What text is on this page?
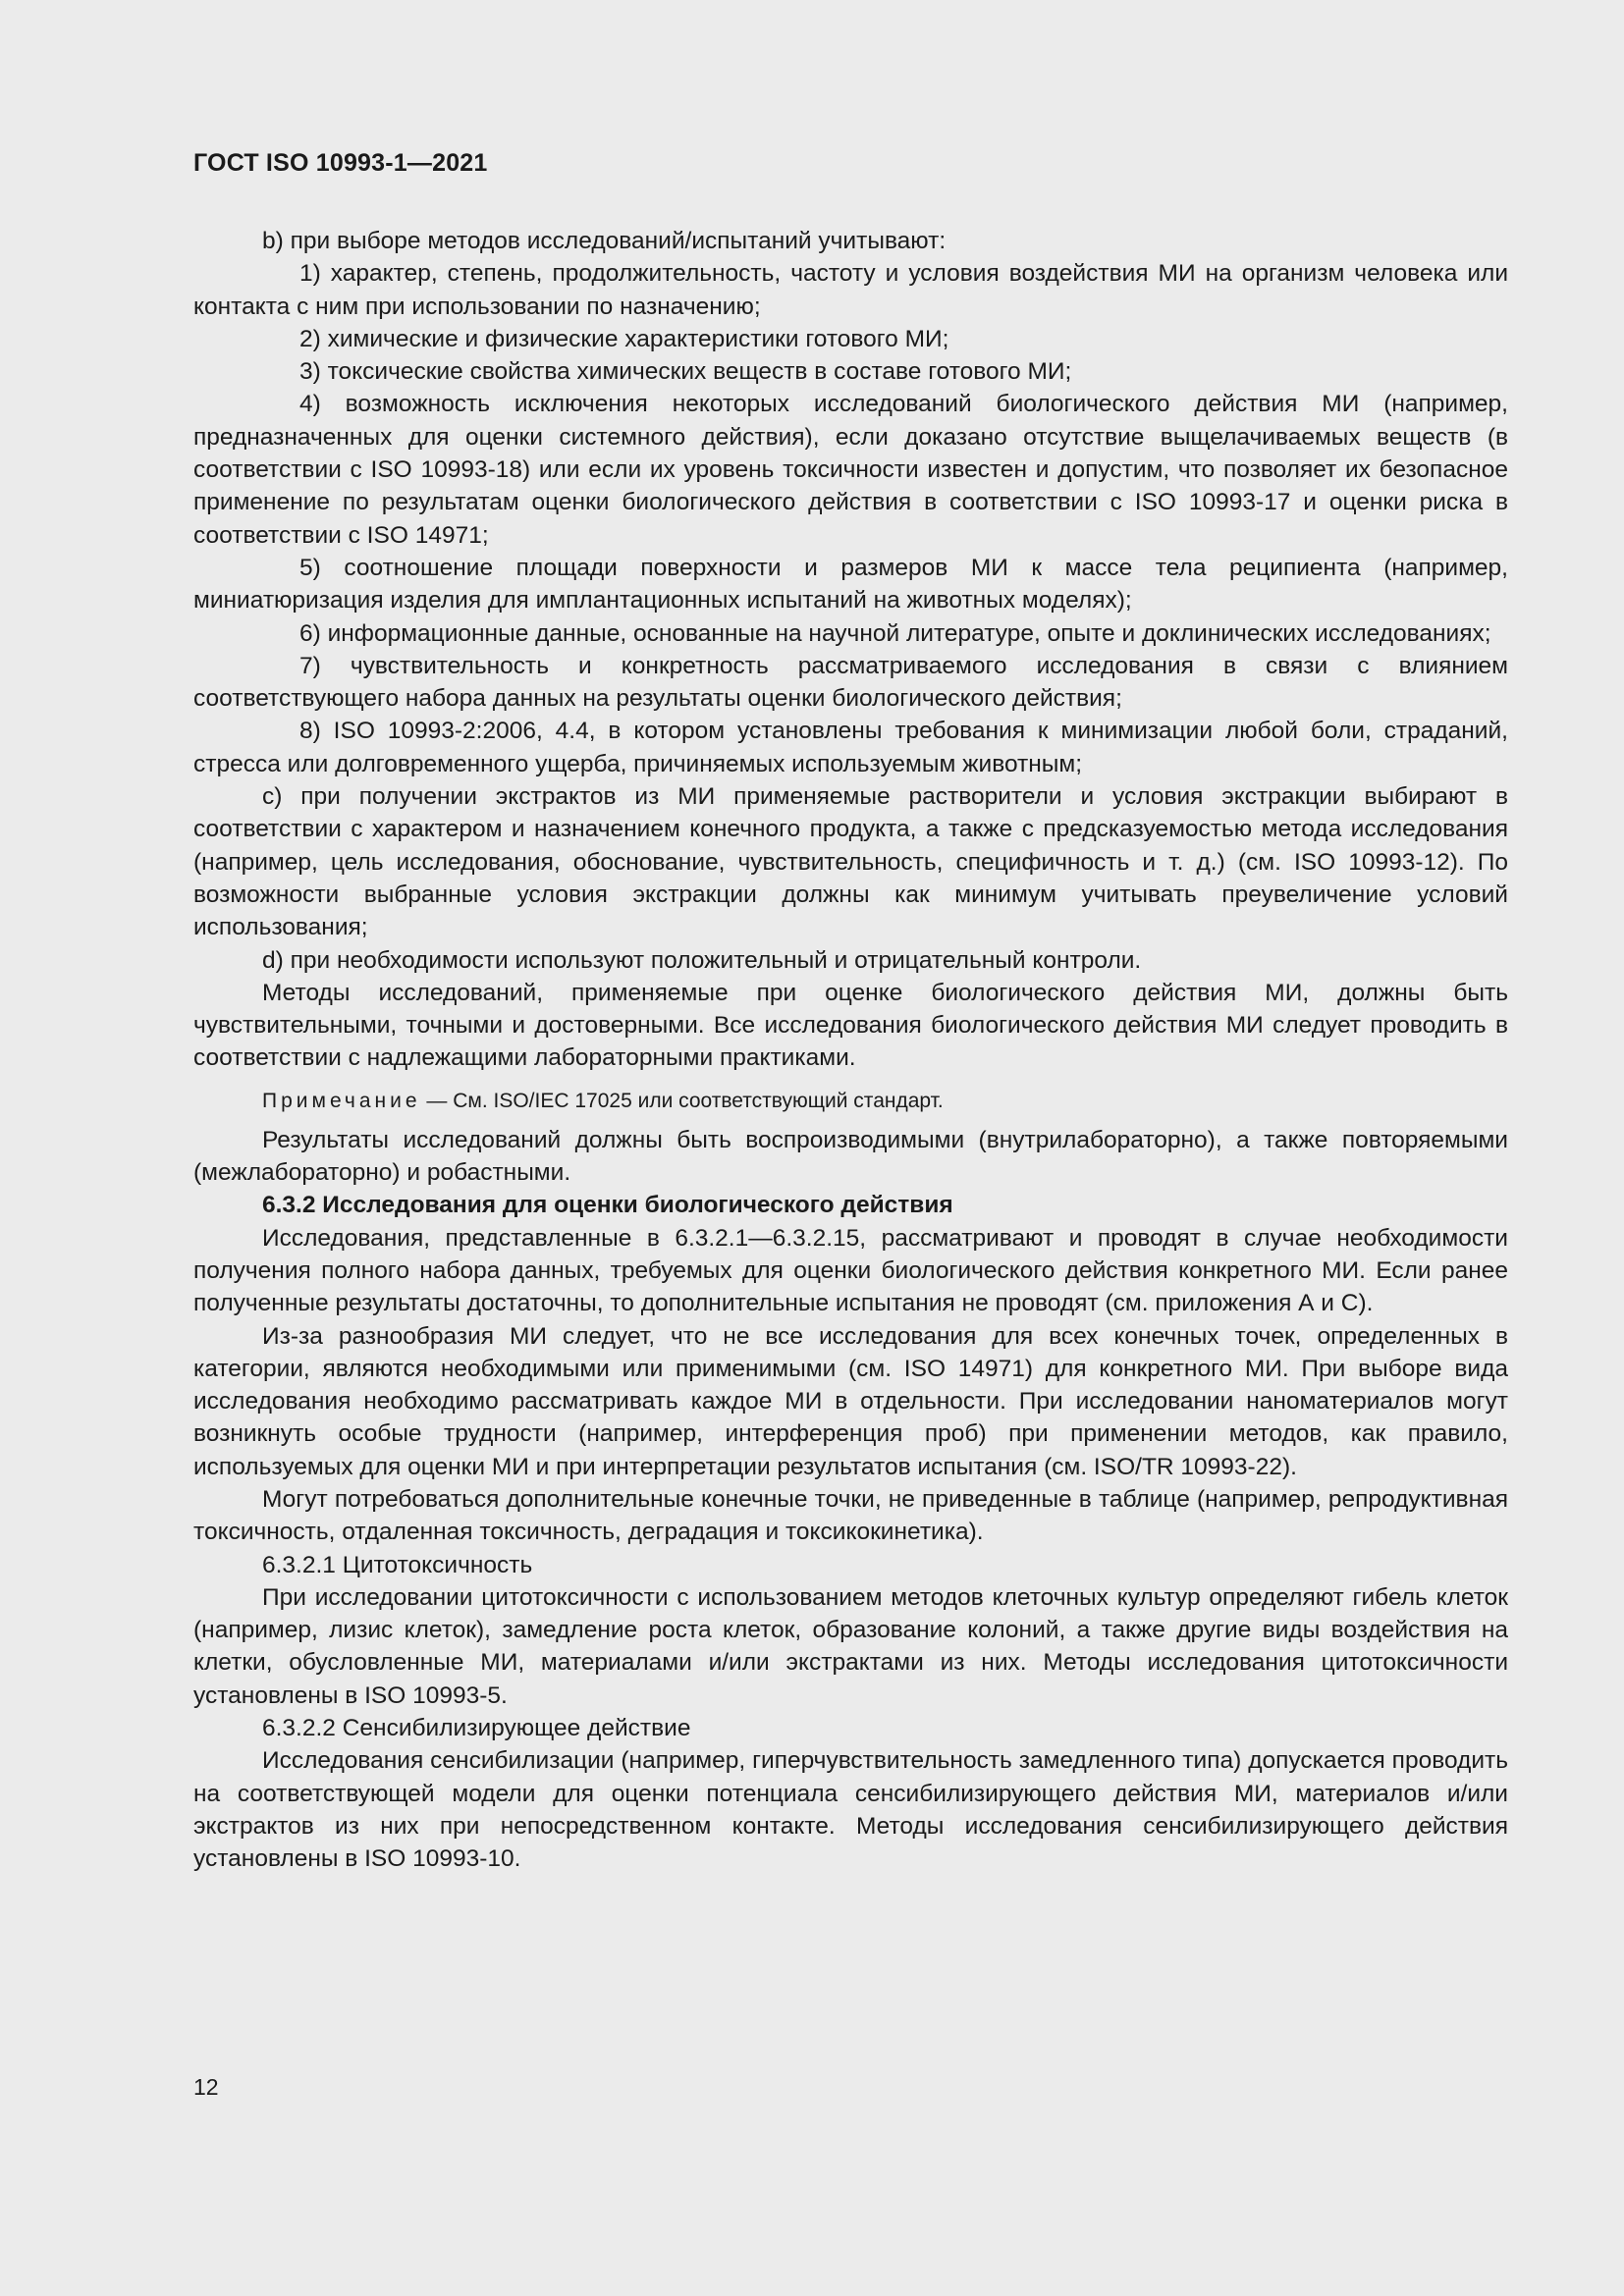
ГОСТ ISO 10993-1—2021

b) при выборе методов исследований/испытаний учитывают:

1) характер, степень, продолжительность, частоту и условия воздействия МИ на организм человека или контакта с ним при использовании по назначению;

2) химические и физические характеристики готового МИ;

3) токсические свойства химических веществ в составе готового МИ;

4) возможность исключения некоторых исследований биологического действия МИ (например, предназначенных для оценки системного действия), если доказано отсутствие выщелачиваемых веществ (в соответствии с ISO 10993-18) или если их уровень токсичности известен и допустим, что позволяет их безопасное применение по результатам оценки биологического действия в соответствии с ISO 10993-17 и оценки риска в соответствии с ISO 14971;

5) соотношение площади поверхности и размеров МИ к массе тела реципиента (например, миниатюризация изделия для имплантационных испытаний на животных моделях);

6) информационные данные, основанные на научной литературе, опыте и доклинических исследованиях;

7) чувствительность и конкретность рассматриваемого исследования в связи с влиянием соответствующего набора данных на результаты оценки биологического действия;

8) ISO 10993-2:2006, 4.4, в котором установлены требования к минимизации любой боли, страданий, стресса или долговременного ущерба, причиняемых используемым животным;

c) при получении экстрактов из МИ применяемые растворители и условия экстракции выбирают в соответствии с характером и назначением конечного продукта, а также с предсказуемостью метода исследования (например, цель исследования, обоснование, чувствительность, специфичность и т. д.) (см. ISO 10993-12). По возможности выбранные условия экстракции должны как минимум учитывать преувеличение условий использования;

d) при необходимости используют положительный и отрицательный контроли.

Методы исследований, применяемые при оценке биологического действия МИ, должны быть чувствительными, точными и достоверными. Все исследования биологического действия МИ следует проводить в соответствии с надлежащими лабораторными практиками.

Примечание — См. ISO/IEC 17025 или соответствующий стандарт.

Результаты исследований должны быть воспроизводимыми (внутрилабораторно), а также повторяемыми (межлабораторно) и робастными.

6.3.2 Исследования для оценки биологического действия

Исследования, представленные в 6.3.2.1—6.3.2.15, рассматривают и проводят в случае необходимости получения полного набора данных, требуемых для оценки биологического действия конкретного МИ. Если ранее полученные результаты достаточны, то дополнительные испытания не проводят (см. приложения А и С).

Из-за разнообразия МИ следует, что не все исследования для всех конечных точек, определенных в категории, являются необходимыми или применимыми (см. ISO 14971) для конкретного МИ. При выборе вида исследования необходимо рассматривать каждое МИ в отдельности. При исследовании наноматериалов могут возникнуть особые трудности (например, интерференция проб) при применении методов, как правило, используемых для оценки МИ и при интерпретации результатов испытания (см. ISO/TR 10993-22).

Могут потребоваться дополнительные конечные точки, не приведенные в таблице (например, репродуктивная токсичность, отдаленная токсичность, деградация и токсикокинетика).

6.3.2.1 Цитотоксичность

При исследовании цитотоксичности с использованием методов клеточных культур определяют гибель клеток (например, лизис клеток), замедление роста клеток, образование колоний, а также другие виды воздействия на клетки, обусловленные МИ, материалами и/или экстрактами из них. Методы исследования цитотоксичности установлены в ISO 10993-5.

6.3.2.2 Сенсибилизирующее действие

Исследования сенсибилизации (например, гиперчувствительность замедленного типа) допускается проводить на соответствующей модели для оценки потенциала сенсибилизирующего действия МИ, материалов и/или экстрактов из них при непосредственном контакте. Методы исследования сенсибилизирующего действия установлены в ISO 10993-10.

12
